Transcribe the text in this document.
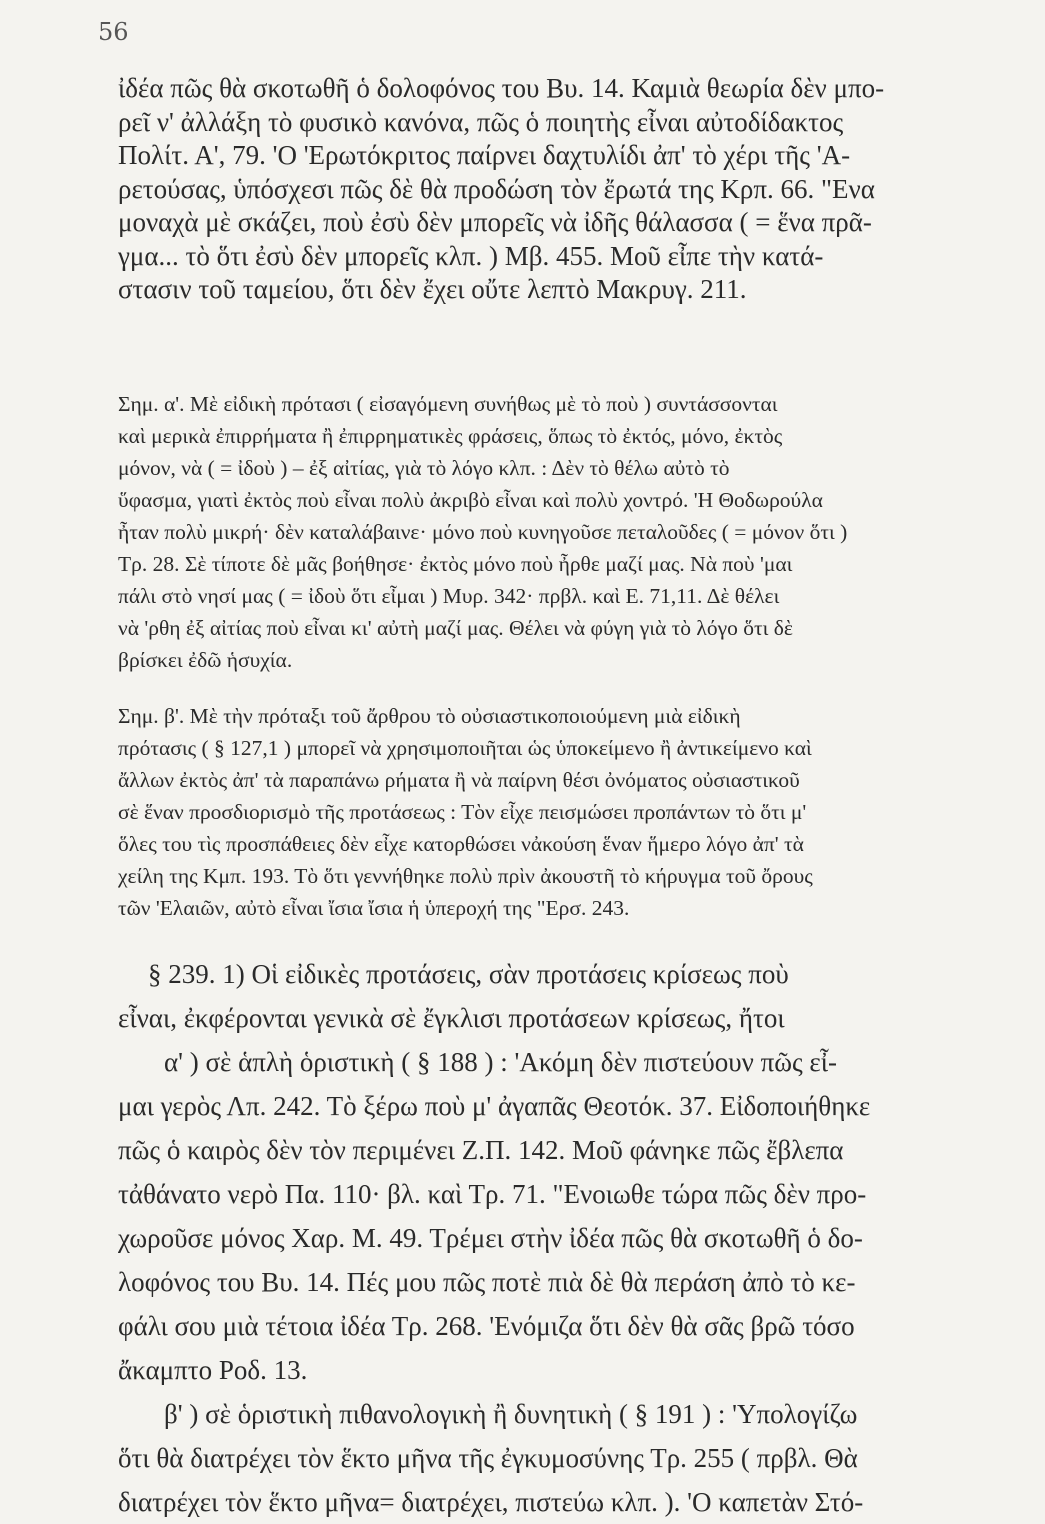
56
ἰδέα πῶς θὰ σκοτωθῆ ὁ δολοφόνος του Βυ. 14. Καμιὰ θεωρία δὲν μπο-
ρεῖ ν' ἀλλάξη τὸ φυσικὸ κανόνα, πῶς ὁ ποιητὴς εἶναι αὐτοδίδακτος
Πολίτ. Α', 79. 'Ο 'Ερωτόκριτος παίρνει δαχτυλίδι ἀπ' τὸ χέρι τῆς 'Α-
ρετούσας, ὑπόσχεσι πῶς δὲ θὰ προδώση τὸν ἔρωτά της Κρπ. 66. "Ενα
μοναχὰ μὲ σκάζει, ποὺ ἐσὺ δὲν μπορεῖς νὰ ἰδῆς θάλασσα ( = ἕνα πρᾶ-
γμα... τὸ ὅτι ἐσὺ δὲν μπορεῖς κλπ. ) Μβ. 455. Μοῦ εἶπε τὴν κατά-
στασιν τοῦ ταμείου, ὅτι δὲν ἔχει οὔτε λεπτὸ Μακρυγ. 211.
Σημ. α'. Μὲ εἰδικὴ πρότασι ( εἰσαγόμενη συνήθως μὲ τὸ ποὺ ) συντάσσονται
καὶ μερικὰ ἐπιρρήματα ἢ ἐπιρρηματικὲς φράσεις, ὅπως τὸ ἐκτός, μόνο, ἐκτὸς
μόνον, νὰ ( = ἰδοὺ ) – ἐξ αἰτίας, γιὰ τὸ λόγο κλπ. : Δὲν τὸ θέλω αὐτὸ τὸ
ὕφασμα, γιατὶ ἐκτὸς ποὺ εἶναι πολὺ ἀκριβὸ εἶναι καὶ πολὺ χοντρό. 'Η Θοδωρούλα
ἦταν πολὺ μικρή· δὲν καταλάβαινε· μόνο ποὺ κυνηγοῦσε πεταλοῦδες ( = μόνον ὅτι )
Τρ. 28. Σὲ τίποτε δὲ μᾶς βοήθησε· ἐκτὸς μόνο ποὺ ἦρθε μαζί μας. Νὰ ποὺ 'μαι
πάλι στὸ νησί μας ( = ἰδοὺ ὅτι εἶμαι ) Μυρ. 342· πρβλ. καὶ Ε. 71,11. Δὲ θέλει
νὰ 'ρθη ἐξ αἰτίας ποὺ εἶναι κι' αὐτὴ μαζί μας. Θέλει νὰ φύγη γιὰ τὸ λόγο ὅτι δὲ
βρίσκει ἐδῶ ἡσυχία.
Σημ. β'. Μὲ τὴν πρόταξι τοῦ ἄρθρου τὸ οὐσιαστικοποιούμενη μιὰ εἰδικὴ
πρότασις ( § 127,1 ) μπορεῖ νὰ χρησιμοποιῆται ὡς ὑποκείμενο ἢ ἀντικείμενο καὶ
ἄλλων ἐκτὸς ἀπ' τὰ παραπάνω ρήματα ἢ νὰ παίρνη θέσι ὀνόματος οὐσιαστικοῦ
σὲ ἕναν προσδιορισμὸ τῆς προτάσεως : Τὸν εἶχε πεισμώσει προπάντων τὸ ὅτι μ'
ὅλες του τὶς προσπάθειες δὲν εἶχε κατορθώσει νἀκούση ἕναν ἥμερο λόγο ἀπ' τὰ
χείλη της Κμπ. 193. Τὸ ὅτι γεννήθηκε πολὺ πρὶν ἀκουστῆ τὸ κήρυγμα τοῦ ὄρους
τῶν 'Ελαιῶν, αὐτὸ εἶναι ἴσια ἴσια ἡ ὑπεροχή της "Ερσ. 243.
§ 239. 1) Οἱ εἰδικὲς προτάσεις, σὰν προτάσεις κρίσεως ποὺ
εἶναι, ἐκφέρονται γενικὰ σὲ ἔγκλισι προτάσεων κρίσεως, ἤτοι
α' ) σὲ ἁπλὴ ὁριστικὴ ( § 188 ) : 'Ακόμη δὲν πιστεύουν πῶς εἶ-
μαι γερὸς Λπ. 242. Τὸ ξέρω ποὺ μ' ἀγαπᾶς Θεοτόκ. 37. Εἰδοποιήθηκε
πῶς ὁ καιρὸς δὲν τὸν περιμένει Ζ.Π. 142. Μοῦ φάνηκε πῶς ἔβλεπα
τἀθάνατο νερὸ Πα. 110· βλ. καὶ Τρ. 71. "Ενοιωθε τώρα πῶς δὲν προ-
χωροῦσε μόνος Χαρ. Μ. 49. Τρέμει στὴν ἰδέα πῶς θὰ σκοτωθῆ ὁ δο-
λοφόνος του Βυ. 14. Πές μου πῶς ποτὲ πιὰ δὲ θὰ περάση ἀπὸ τὸ κε-
φάλι σου μιὰ τέτοια ἰδέα Τρ. 268. 'Ενόμιζα ὅτι δὲν θὰ σᾶς βρῶ τόσο
ἄκαμπτο Ροδ. 13.
β' ) σὲ ὁριστικὴ πιθανολογικὴ ἢ δυνητικὴ ( § 191 ) : 'Υπολογίζω
ὅτι θὰ διατρέχει τὸν ἕκτο μῆνα τῆς ἐγκυμοσύνης Τρ. 255 ( πρβλ. Θὰ
διατρέχει τὸν ἕκτο μῆνα= διατρέχει, πιστεύω κλπ. ). 'Ο καπετὰν Στό-
